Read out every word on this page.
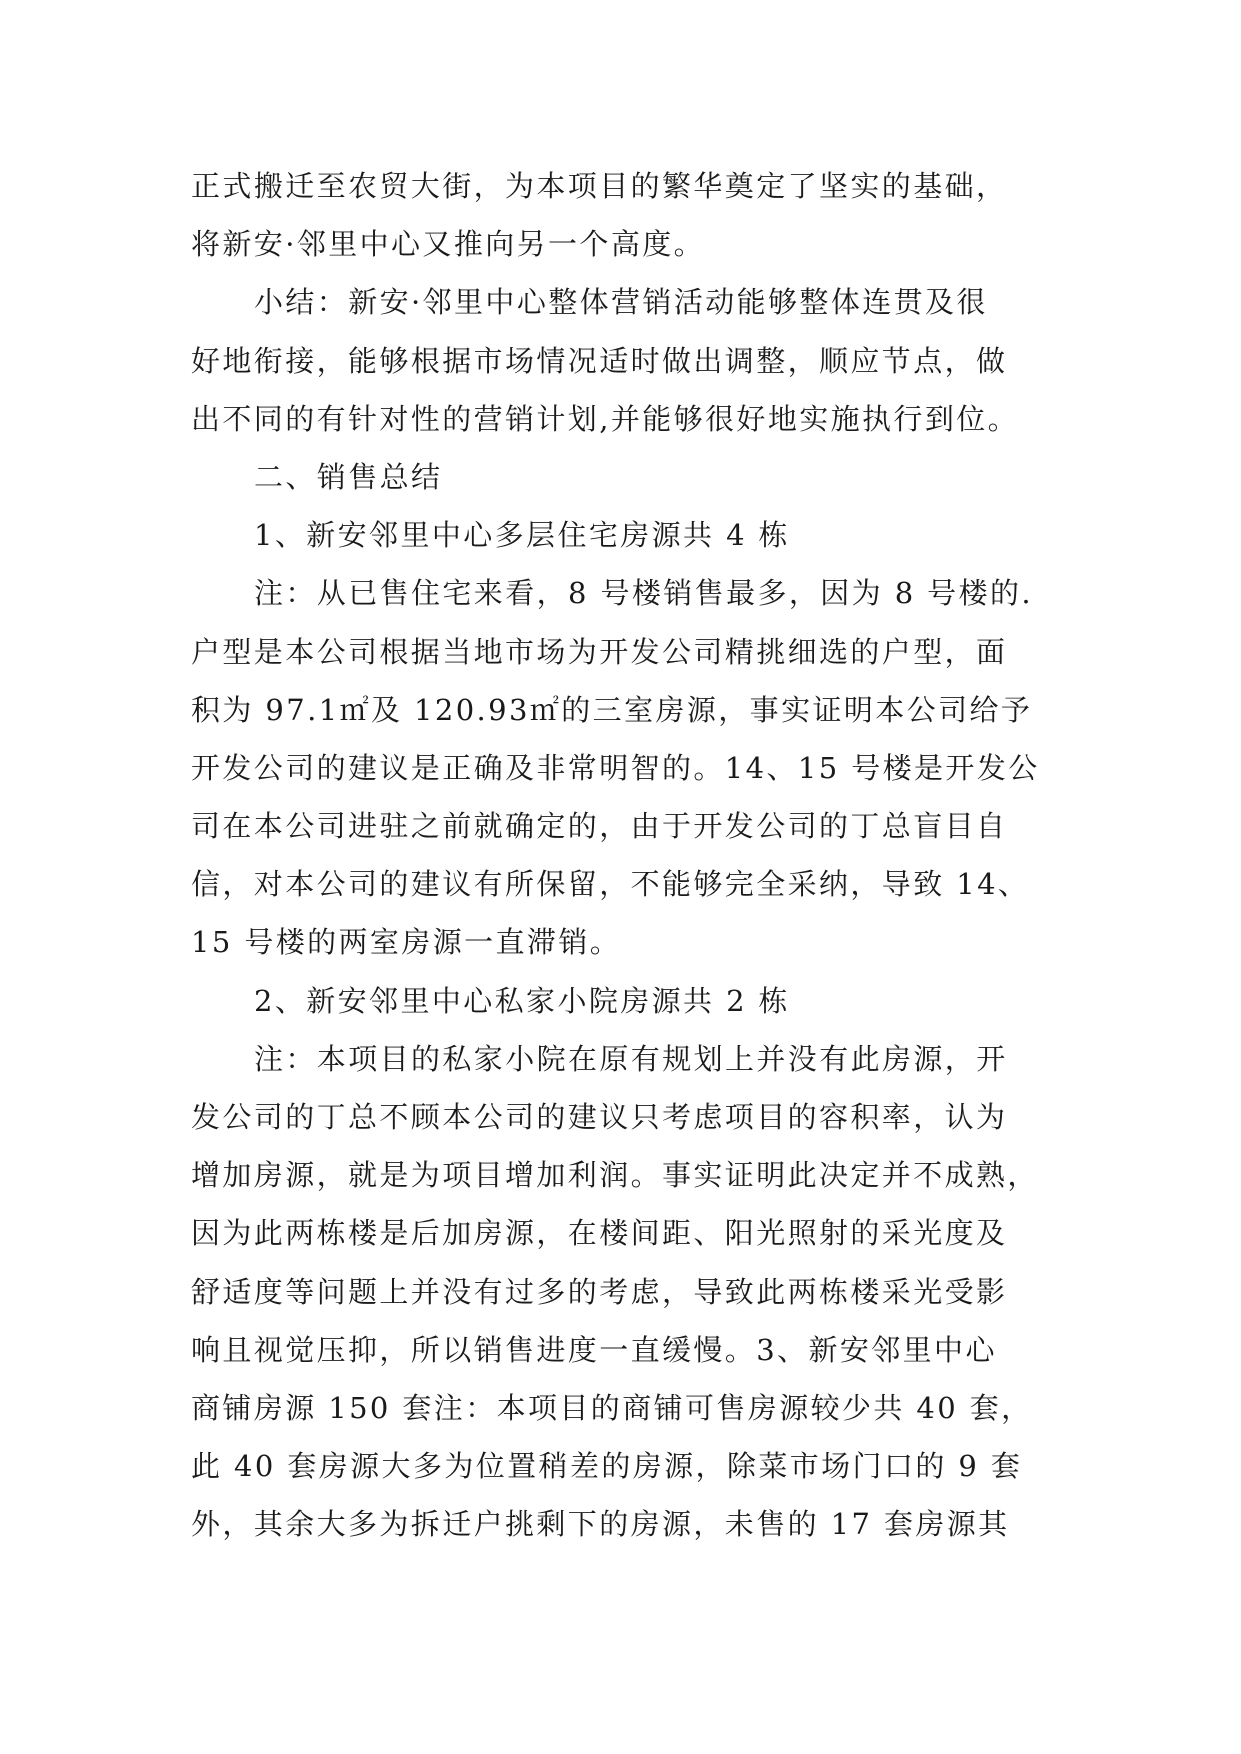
正式搬迁至农贸大街，为本项目的繁华奠定了坚实的基础，
将新安·邻里中心又推向另一个高度。
小结：新安·邻里中心整体营销活动能够整体连贯及很
好地衔接，能够根据市场情况适时做出调整，顺应节点，做
出不同的有针对性的营销计划,并能够很好地实施执行到位。
二、销售总结
1、新安邻里中心多层住宅房源共 4 栋
注：从已售住宅来看，8 号楼销售最多，因为 8 号楼的.
户型是本公司根据当地市场为开发公司精挑细选的户型，面
积为 97.1㎡及 120.93㎡的三室房源，事实证明本公司给予
开发公司的建议是正确及非常明智的。14、15 号楼是开发公
司在本公司进驻之前就确定的，由于开发公司的丁总盲目自
信，对本公司的建议有所保留，不能够完全采纳，导致 14、
15 号楼的两室房源一直滞销。
2、新安邻里中心私家小院房源共 2 栋
注：本项目的私家小院在原有规划上并没有此房源，开
发公司的丁总不顾本公司的建议只考虑项目的容积率，认为
增加房源，就是为项目增加利润。事实证明此决定并不成熟，
因为此两栋楼是后加房源，在楼间距、阳光照射的采光度及
舒适度等问题上并没有过多的考虑，导致此两栋楼采光受影
响且视觉压抑，所以销售进度一直缓慢。3、新安邻里中心
商铺房源 150 套注：本项目的商铺可售房源较少共 40 套，
此 40 套房源大多为位置稍差的房源，除菜市场门口的 9 套
外，其余大多为拆迁户挑剩下的房源，未售的 17 套房源其
